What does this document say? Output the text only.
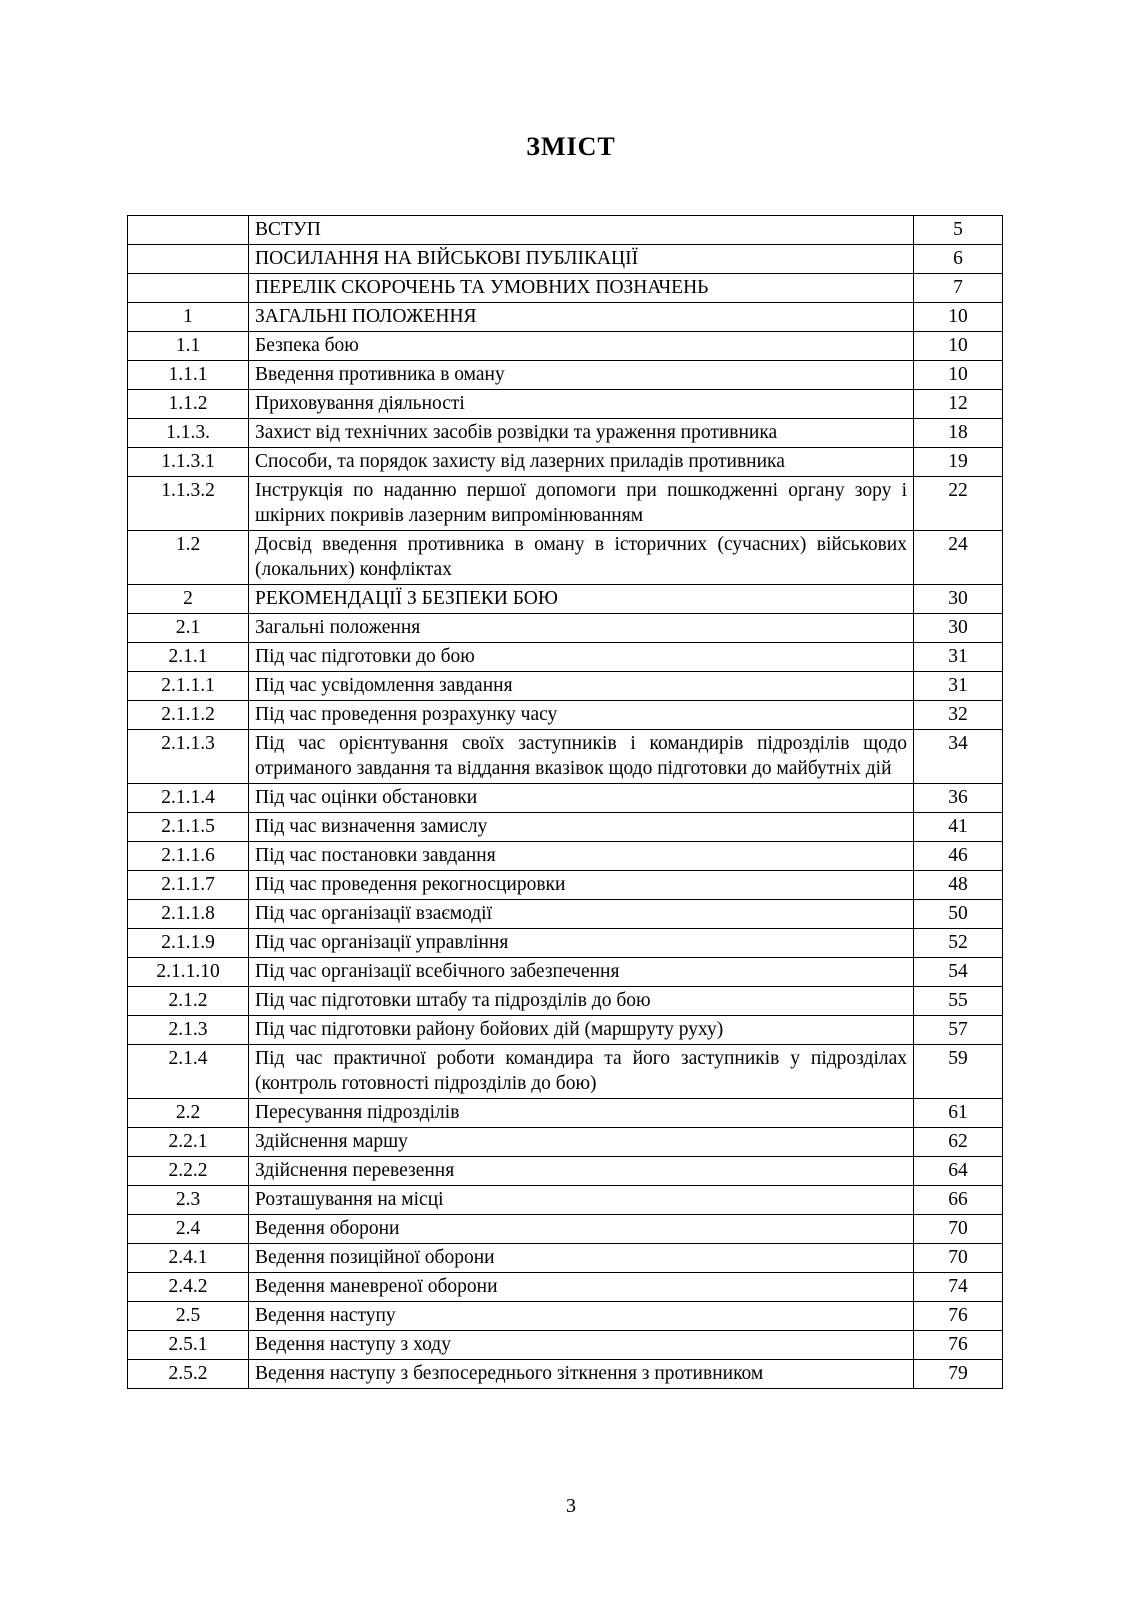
ЗМІСТ
	ВСТУП	5
	ПОСИЛАННЯ НА ВІЙСЬКОВІ ПУБЛІКАЦІЇ	6
	ПЕРЕЛІК СКОРОЧЕНЬ ТА УМОВНИХ ПОЗНАЧЕНЬ	7
1	ЗАГАЛЬНІ ПОЛОЖЕННЯ	10
1.1	Безпека бою	10
1.1.1	Введення противника в оману	10
1.1.2	Приховування діяльності	12
1.1.3.	Захист від технічних засобів розвідки та ураження противника	18
1.1.3.1	Способи, та порядок захисту від лазерних приладів противника	19
1.1.3.2	Інструкція по наданню першої допомоги при пошкодженні органу зору і шкірних покривів лазерним випромінюванням	22
1.2	Досвід введення противника в оману в історичних (сучасних) військових (локальних) конфліктах	24
2	РЕКОМЕНДАЦІЇ З БЕЗПЕКИ БОЮ	30
2.1	Загальні положення	30
2.1.1	Під час підготовки до бою	31
2.1.1.1	Під час усвідомлення завдання	31
2.1.1.2	Під час проведення розрахунку часу	32
2.1.1.3	Під час орієнтування своїх заступників і командирів підрозділів щодо отриманого завдання та віддання вказівок щодо підготовки до майбутніх дій	34
2.1.1.4	Під час оцінки обстановки	36
2.1.1.5	Під час визначення замислу	41
2.1.1.6	Під час постановки завдання	46
2.1.1.7	Під час проведення рекогносцировки	48
2.1.1.8	Під час організації взаємодії	50
2.1.1.9	Під час організації управління	52
2.1.1.10	Під час організації всебічного забезпечення	54
2.1.2	Під час підготовки штабу та підрозділів до бою	55
2.1.3	Під час підготовки району бойових дій (маршруту руху)	57
2.1.4	Під час практичної роботи командира та його заступників у підрозділах (контроль готовності підрозділів до бою)	59
2.2	Пересування підрозділів	61
2.2.1	Здійснення маршу	62
2.2.2	Здійснення перевезення	64
2.3	Розташування на місці	66
2.4	Ведення оборони	70
2.4.1	Ведення позиційної оборони	70
2.4.2	Ведення маневреної оборони	74
2.5	Ведення наступу	76
2.5.1	Ведення наступу з ходу	76
2.5.2	Ведення наступу з безпосереднього зіткнення з противником	79
3
